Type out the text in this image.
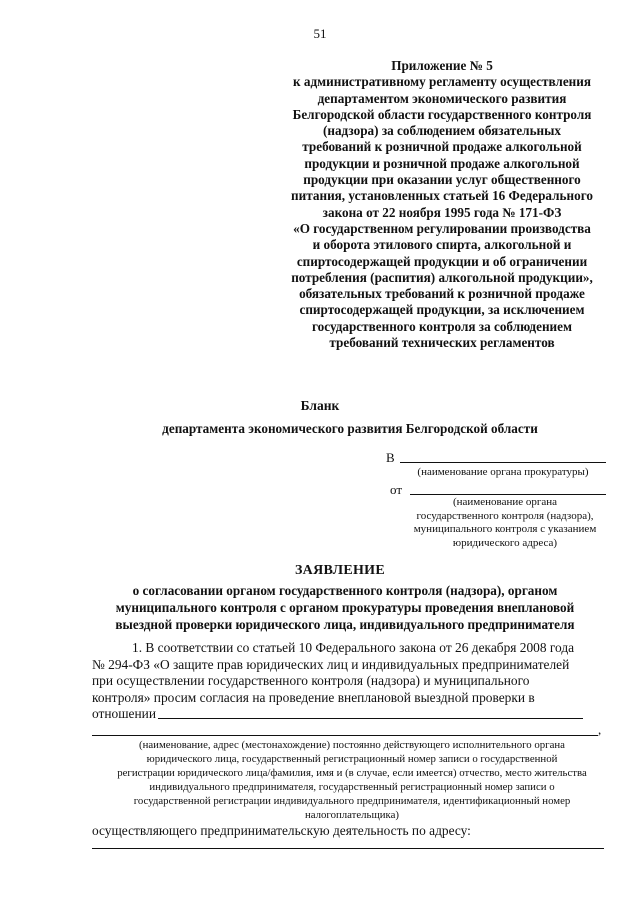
51
Приложение № 5
к административному регламенту осуществления
департаментом экономического развития
Белгородской области государственного контроля
(надзора) за соблюдением обязательных
требований к розничной продаже алкогольной
продукции и розничной продаже алкогольной
продукции при оказании услуг общественного
питания, установленных статьей 16 Федерального
закона от 22 ноября 1995 года № 171-ФЗ
«О государственном регулировании производства
и оборота этилового спирта, алкогольной и
спиртосодержащей продукции и об ограничении
потребления (распития) алкогольной продукции»,
обязательных требований к розничной продаже
спиртосодержащей продукции, за исключением
государственного контроля за соблюдением
требований технических регламентов
Бланк
департамента экономического развития Белгородской области
В
(наименование органа прокуратуры)
от
(наименование органа
государственного контроля (надзора),
муниципального контроля с указанием
юридического адреса)
ЗАЯВЛЕНИЕ
о согласовании органом государственного контроля (надзора), органом
муниципального контроля с органом прокуратуры проведения внеплановой
выездной проверки юридического лица, индивидуального предпринимателя
1. В соответствии со статьей 10 Федерального закона от 26 декабря 2008 года
№ 294-ФЗ «О защите прав юридических лиц и индивидуальных предпринимателей
при осуществлении государственного контроля (надзора) и муниципального
контроля» просим согласия на проведение внеплановой выездной проверки в
отношении
,
(наименование, адрес (местонахождение) постоянно действующего исполнительного органа
юридического лица, государственный регистрационный номер записи о государственной
регистрации юридического лица/фамилия, имя и (в случае, если имеется) отчество, место жительства
индивидуального предпринимателя, государственный регистрационный номер записи о
государственной регистрации индивидуального предпринимателя, идентификационный номер
налогоплательщика)
осуществляющего предпринимательскую деятельность по адресу:
